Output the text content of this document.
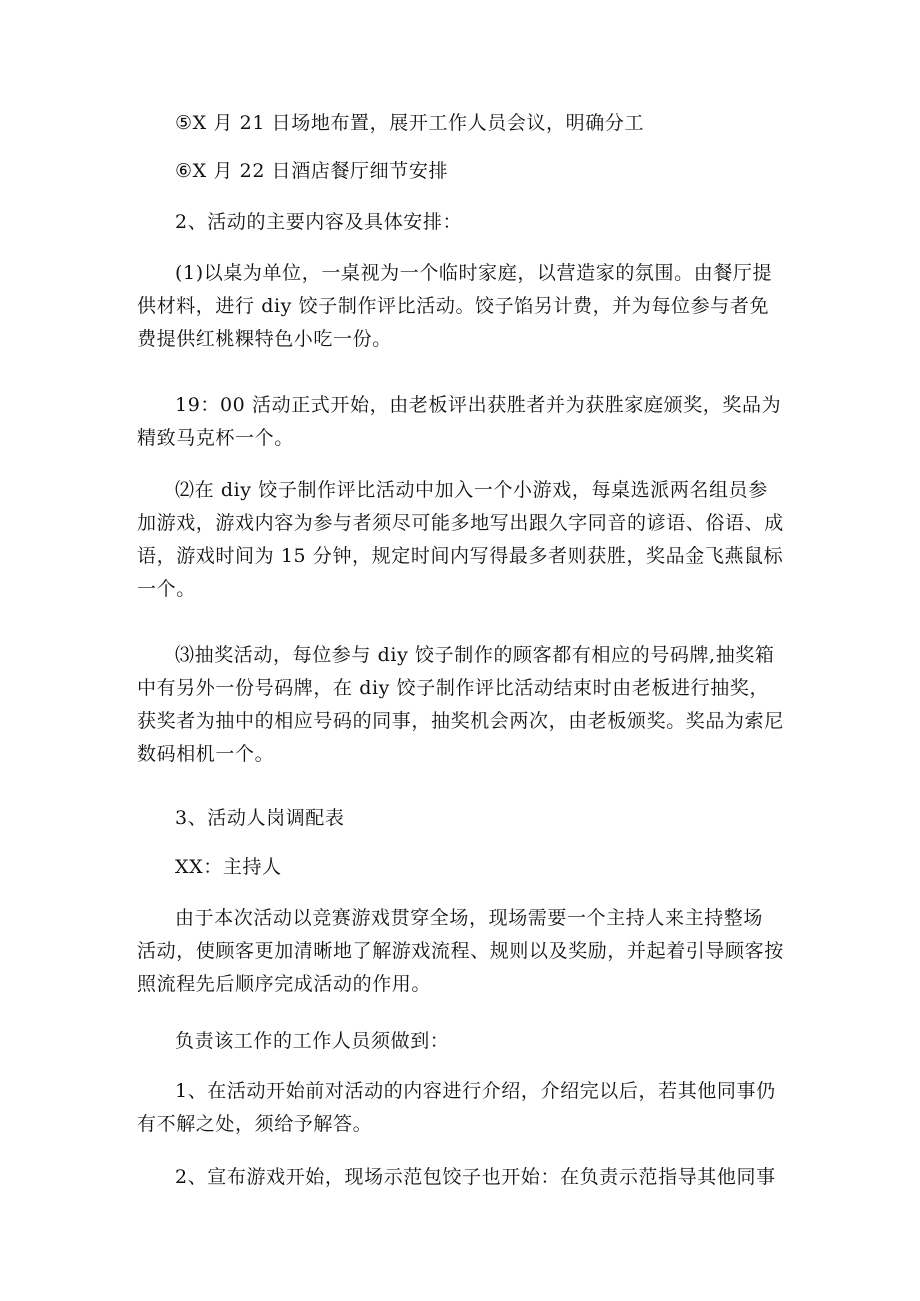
⑤X 月 21 日场地布置，展开工作人员会议，明确分工

⑥X 月 22 日酒店餐厅细节安排

2、活动的主要内容及具体安排：

(1)以桌为单位，一桌视为一个临时家庭，以营造家的氛围。由餐厅提
供材料，进行 diy 饺子制作评比活动。饺子馅另计费，并为每位参与者免
费提供红桃粿特色小吃一份。

19：00 活动正式开始，由老板评出获胜者并为获胜家庭颁奖，奖品为
精致马克杯一个。

⑵在 diy 饺子制作评比活动中加入一个小游戏，每桌选派两名组员参
加游戏，游戏内容为参与者须尽可能多地写出跟久字同音的谚语、俗语、成
语，游戏时间为 15 分钟，规定时间内写得最多者则获胜，奖品金飞燕鼠标
一个。

⑶抽奖活动，每位参与 diy 饺子制作的顾客都有相应的号码牌,抽奖箱
中有另外一份号码牌，在 diy 饺子制作评比活动结束时由老板进行抽奖，
获奖者为抽中的相应号码的同事，抽奖机会两次，由老板颁奖。奖品为索尼
数码相机一个。

3、活动人岗调配表

XX：主持人

由于本次活动以竞赛游戏贯穿全场，现场需要一个主持人来主持整场
活动，使顾客更加清晰地了解游戏流程、规则以及奖励，并起着引导顾客按
照流程先后顺序完成活动的作用。

负责该工作的工作人员须做到：

1、在活动开始前对活动的内容进行介绍，介绍完以后，若其他同事仍
有不解之处，须给予解答。

2、宣布游戏开始，现场示范包饺子也开始：在负责示范指导其他同事
